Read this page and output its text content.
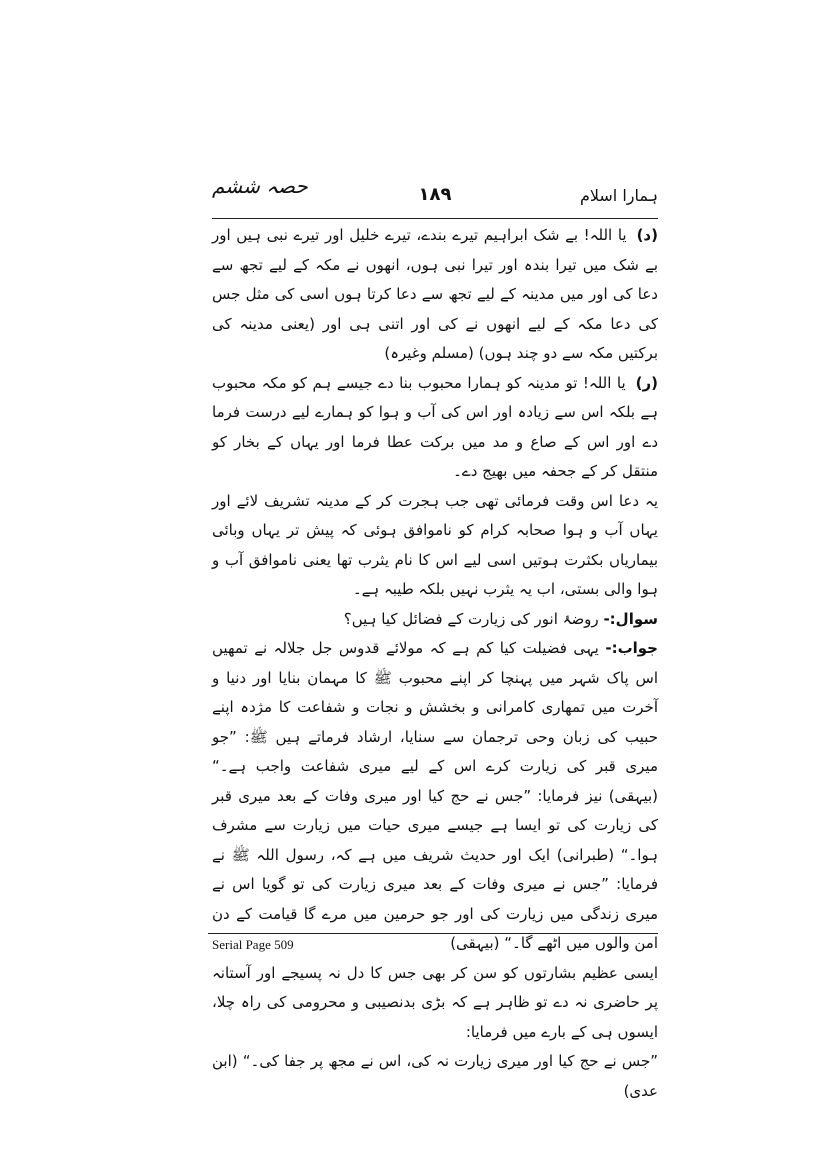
ہمارا اسلام
۱۸۹
حصہ ششم

(د)یا اللہ! بے شک ابراہیم تیرے بندے، تیرے خلیل اور تیرے نبی ہیں اور بے شک میں تیرا بندہ اور تیرا نبی ہوں، انھوں نے مکہ کے لیے تجھ سے دعا کی اور میں مدینہ کے لیے تجھ سے دعا کرتا ہوں اسی کی مثل جس کی دعا مکہ کے لیے انھوں نے کی اور اتنی ہی اور (یعنی مدینہ کی برکتیں مکہ سے دو چند ہوں) (مسلم وغیرہ)

(ر)یا اللہ! تو مدینہ کو ہمارا محبوب بنا دے جیسے ہم کو مکہ محبوب ہے بلکہ اس سے زیادہ اور اس کی آب و ہوا کو ہمارے لیے درست فرما دے اور اس کے صاع و مد میں برکت عطا فرما اور یہاں کے بخار کو منتقل کر کے جحفہ میں بھیج دے۔

یہ دعا اس وقت فرمائی تھی جب ہجرت کر کے مدینہ تشریف لائے اور یہاں آب و ہوا صحابہ کرام کو ناموافق ہوئی کہ پیش تر یہاں وبائی بیماریاں بکثرت ہوتیں اسی لیے اس کا نام یثرب تھا یعنی ناموافق آب و ہوا والی بستی، اب یہ یثرب نہیں بلکہ طیبہ ہے۔

سوال:- روضۂ انور کی زیارت کے فضائل کیا ہیں؟

جواب:- یہی فضیلت کیا کم ہے کہ مولائے قدوس جل جلالہ نے تمھیں اس پاک شہر میں پہنچا کر اپنے محبوب ﷺ کا مہمان بنایا اور دنیا و آخرت میں تمھاری کامرانی و بخشش و نجات و شفاعت کا مژدہ اپنے حبیب کی زبان وحی ترجمان سے سنایا، ارشاد فرماتے ہیں ﷺ: ”جو میری قبر کی زیارت کرے اس کے لیے میری شفاعت واجب ہے۔“ (بیہقی) نیز فرمایا: ”جس نے حج کیا اور میری وفات کے بعد میری قبر کی زیارت کی تو ایسا ہے جیسے میری حیات میں زیارت سے مشرف ہوا۔“ (طبرانی) ایک اور حدیث شریف میں ہے کہ، رسول اللہ ﷺ نے فرمایا: ”جس نے میری وفات کے بعد میری زیارت کی تو گویا اس نے میری زندگی میں زیارت کی اور جو حرمین میں مرے گا قیامت کے دن امن والوں میں اٹھے گا۔“ (بیہقی)

ایسی عظیم بشارتوں کو سن کر بھی جس کا دل نہ پسیجے اور آستانہ پر حاضری نہ دے تو ظاہر ہے کہ بڑی بدنصیبی و محرومی کی راہ چلا، ایسوں ہی کے بارے میں فرمایا:

”جس نے حج کیا اور میری زیارت نہ کی، اس نے مجھ پر جفا کی۔“ (ابن عدی)

Serial Page 509
